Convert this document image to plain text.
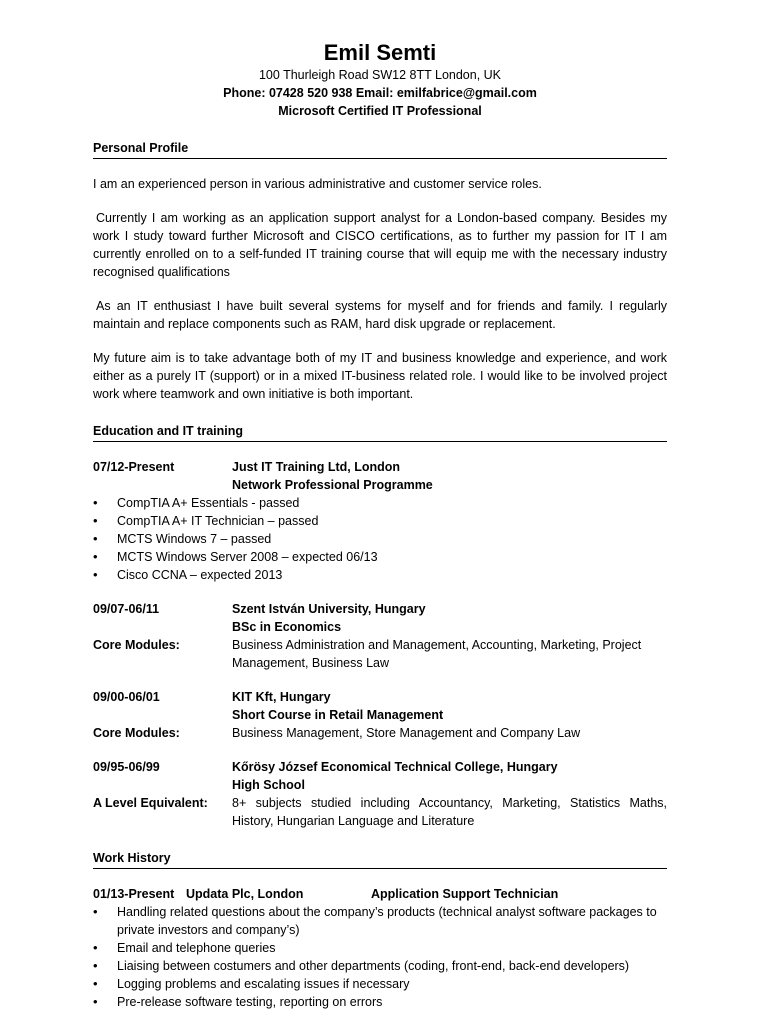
Emil Semti
100 Thurleigh Road SW12 8TT London, UK
Phone: 07428 520 938 Email: emilfabrice@gmail.com
Microsoft Certified IT Professional
Personal Profile
I am an experienced person in various administrative and customer service roles.
Currently I am working as an application support analyst for a London-based company. Besides my work I study toward further Microsoft and CISCO certifications, as to further my passion for IT I am currently enrolled on to a self-funded IT training course that will equip me with the necessary industry recognised qualifications
As an IT enthusiast I have built several systems for myself and for friends and family. I regularly maintain and replace components such as RAM, hard disk upgrade or replacement.
My future aim is to take advantage both of my IT and business knowledge and experience, and work either as a purely IT (support) or in a mixed IT-business related role. I would like to be involved project work where teamwork and own initiative is both important.
Education and IT training
07/12-Present	Just IT Training Ltd, London
Network Professional Programme
• CompTIA A+ Essentials - passed
• CompTIA A+ IT Technician – passed
• MCTS Windows 7 – passed
• MCTS Windows Server 2008 – expected 06/13
• Cisco CCNA – expected 2013
09/07-06/11	Szent István University, Hungary
BSc in Economics
Core Modules:	Business Administration and Management, Accounting, Marketing, Project Management, Business Law
09/00-06/01	KIT Kft, Hungary
Short Course in Retail Management
Core Modules:	Business Management, Store Management and Company Law
09/95-06/99	Kőrösy József Economical Technical College, Hungary
High School
A Level Equivalent:	8+ subjects studied including Accountancy, Marketing, Statistics Maths, History, Hungarian Language and Literature
Work History
01/13-Present Updata Plc, London	Application Support Technician
• Handling related questions about the company’s products (technical analyst software packages to private investors and company’s)
• Email and telephone queries
• Liaising between costumers and other departments (coding, front-end, back-end developers)
• Logging problems and escalating issues if necessary
• Pre-release software testing, reporting on errors
